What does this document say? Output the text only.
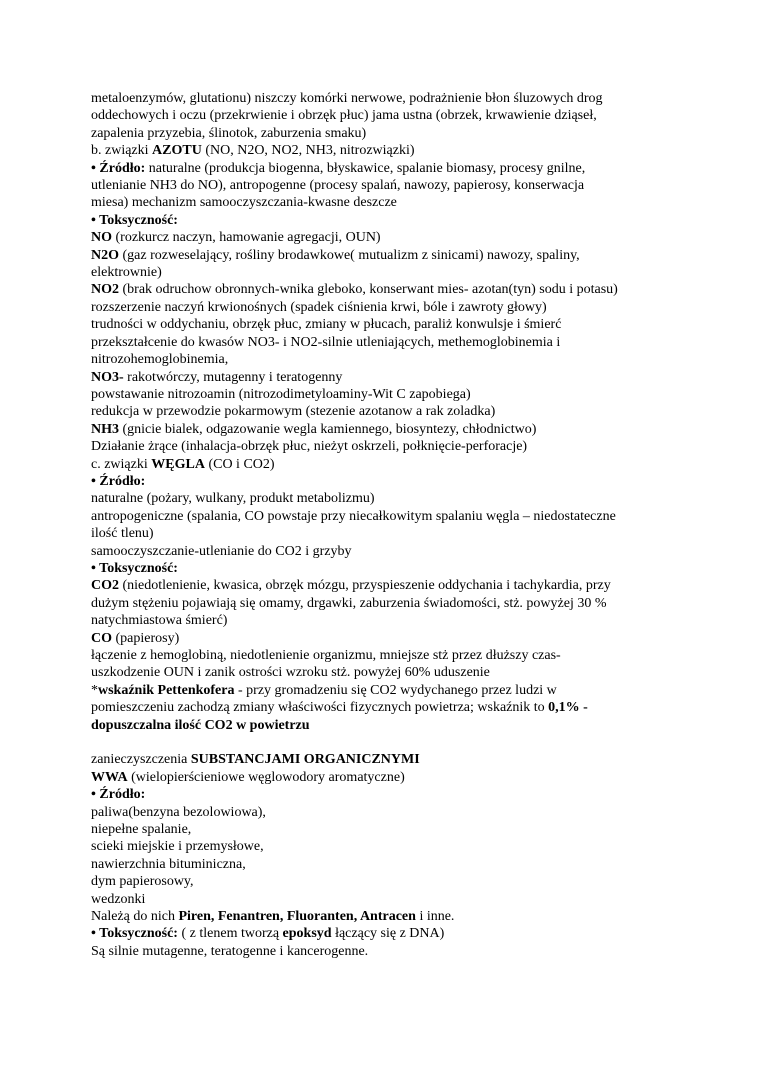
metaloenzymów, glutationu) niszczy komórki nerwowe, podrażnienie błon śluzowych drog
oddechowych i oczu (przekrwienie i obrzęk płuc) jama ustna (obrzek, krwawienie dziąseł,
zapalenia przyzebia, ślinotok, zaburzenia smaku)
b. związki AZOTU (NO, N2O, NO2, NH3, nitrozwiązki)
• Źródło: naturalne (produkcja biogenna, błyskawice, spalanie biomasy, procesy gnilne,
utlenianie NH3 do NO), antropogenne (procesy spalań, nawozy, papierosy, konserwacja
miesa) mechanizm samooczyszczania-kwasne deszcze
• Toksyczność:
NO (rozkurcz naczyn, hamowanie agregacji, OUN)
N2O (gaz rozweselający, rośliny brodawkowe( mutualizm z sinicami) nawozy, spaliny,
elektrownie)
NO2 (brak odruchow obronnych-wnika gleboko, konserwant mies- azotan(tyn) sodu i potasu)
rozszerzenie naczyń krwionośnych (spadek ciśnienia krwi, bóle i zawroty głowy)
trudności w oddychaniu, obrzęk płuc, zmiany w płucach, paraliż konwulsje i śmierć
przekształcenie do kwasów NO3- i NO2-silnie utleniających, methemoglobinemia i
nitrozohemoglobinemia,
NO3- rakotwórczy, mutagenny i teratogenny
powstawanie nitrozoamin (nitrozodimetyloaminy-Wit C zapobiega)
redukcja w przewodzie pokarmowym (stezenie azotanow a rak zoladka)
NH3 (gnicie bialek, odgazowanie wegla kamiennego, biosyntezy, chłodnictwo)
Działanie żrące (inhalacja-obrzęk płuc, nieżyt oskrzeli, połknięcie-perforacje)
c. związki WĘGLA (CO i CO2)
• Źródło:
naturalne (pożary, wulkany, produkt metabolizmu)
antropogeniczne (spalania, CO powstaje przy niecałkowitym spalaniu węgla – niedostateczne
ilość tlenu)
samooczyszczanie-utlenianie do CO2 i grzyby
• Toksyczność:
CO2 (niedotlenienie, kwasica, obrzęk mózgu, przyspieszenie oddychania i tachykardia, przy
dużym stężeniu pojawiają się omamy, drgawki, zaburzenia świadomości, stż. powyżej 30 %
natychmiastowa śmierć)
CO (papierosy)
łączenie z hemoglobiną, niedotlenienie organizmu, mniejsze stż przez dłuższy czas-
uszkodzenie OUN i zanik ostrości wzroku stż. powyżej 60% uduszenie
*wskaźnik Pettenkofera - przy gromadzeniu się CO2 wydychanego przez ludzi w
pomieszczeniu zachodzą zmiany właściwości fizycznych powietrza; wskaźnik to 0,1% -
dopuszczalna ilość CO2 w powietrzu
zanieczyszczenia SUBSTANCJAMI ORGANICZNYMI
WWA (wielopierścieniowe węglowodory aromatyczne)
• Źródło:
paliwa(benzyna bezolowiowa),
niepełne spalanie,
scieki miejskie i przemysłowe,
nawierzchnia bituminiczna,
dym papierosowy,
wedzonki
Należą do nich Piren, Fenantren, Fluoranten, Antracen i inne.
• Toksyczność: ( z tlenem tworzą epoksyd łączący się z DNA)
Są silnie mutagenne, teratogenne i kancerogenne.
